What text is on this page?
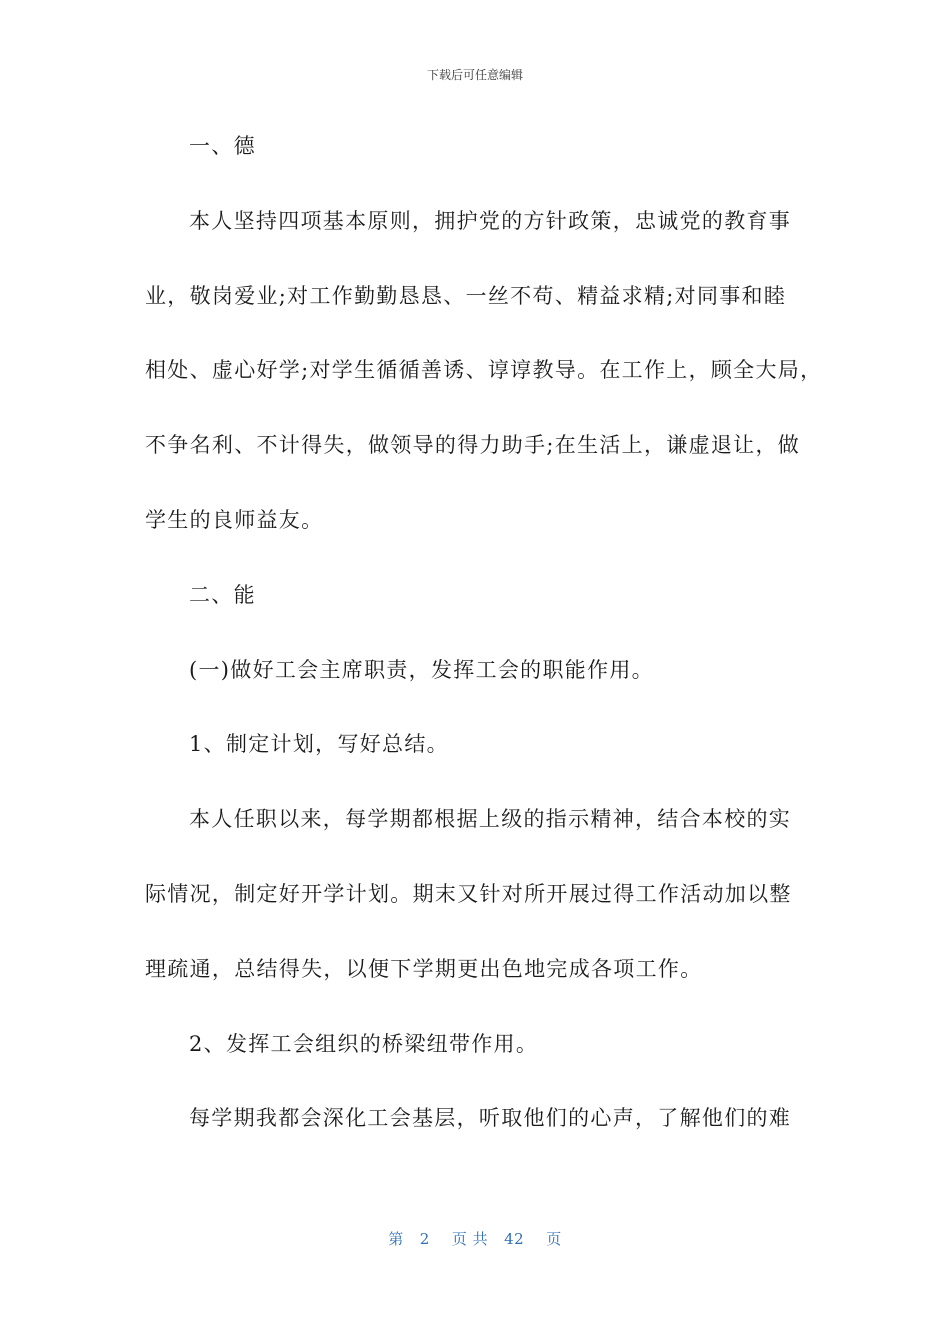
下载后可任意编辑
一、德
本人坚持四项基本原则，拥护党的方针政策，忠诚党的教育事
业，敬岗爱业;对工作勤勤恳恳、一丝不苟、精益求精;对同事和睦
相处、虚心好学;对学生循循善诱、谆谆教导。在工作上，顾全大局，
不争名利、不计得失，做领导的得力助手;在生活上，谦虚退让，做
学生的良师益友。
二、能
(一)做好工会主席职责，发挥工会的职能作用。
1、制定计划，写好总结。
本人任职以来，每学期都根据上级的指示精神，结合本校的实
际情况，制定好开学计划。期末又针对所开展过得工作活动加以整
理疏通，总结得失，以便下学期更出色地完成各项工作。
2、发挥工会组织的桥梁纽带作用。
每学期我都会深化工会基层，听取他们的心声，了解他们的难
第 2 页 共 42 页
